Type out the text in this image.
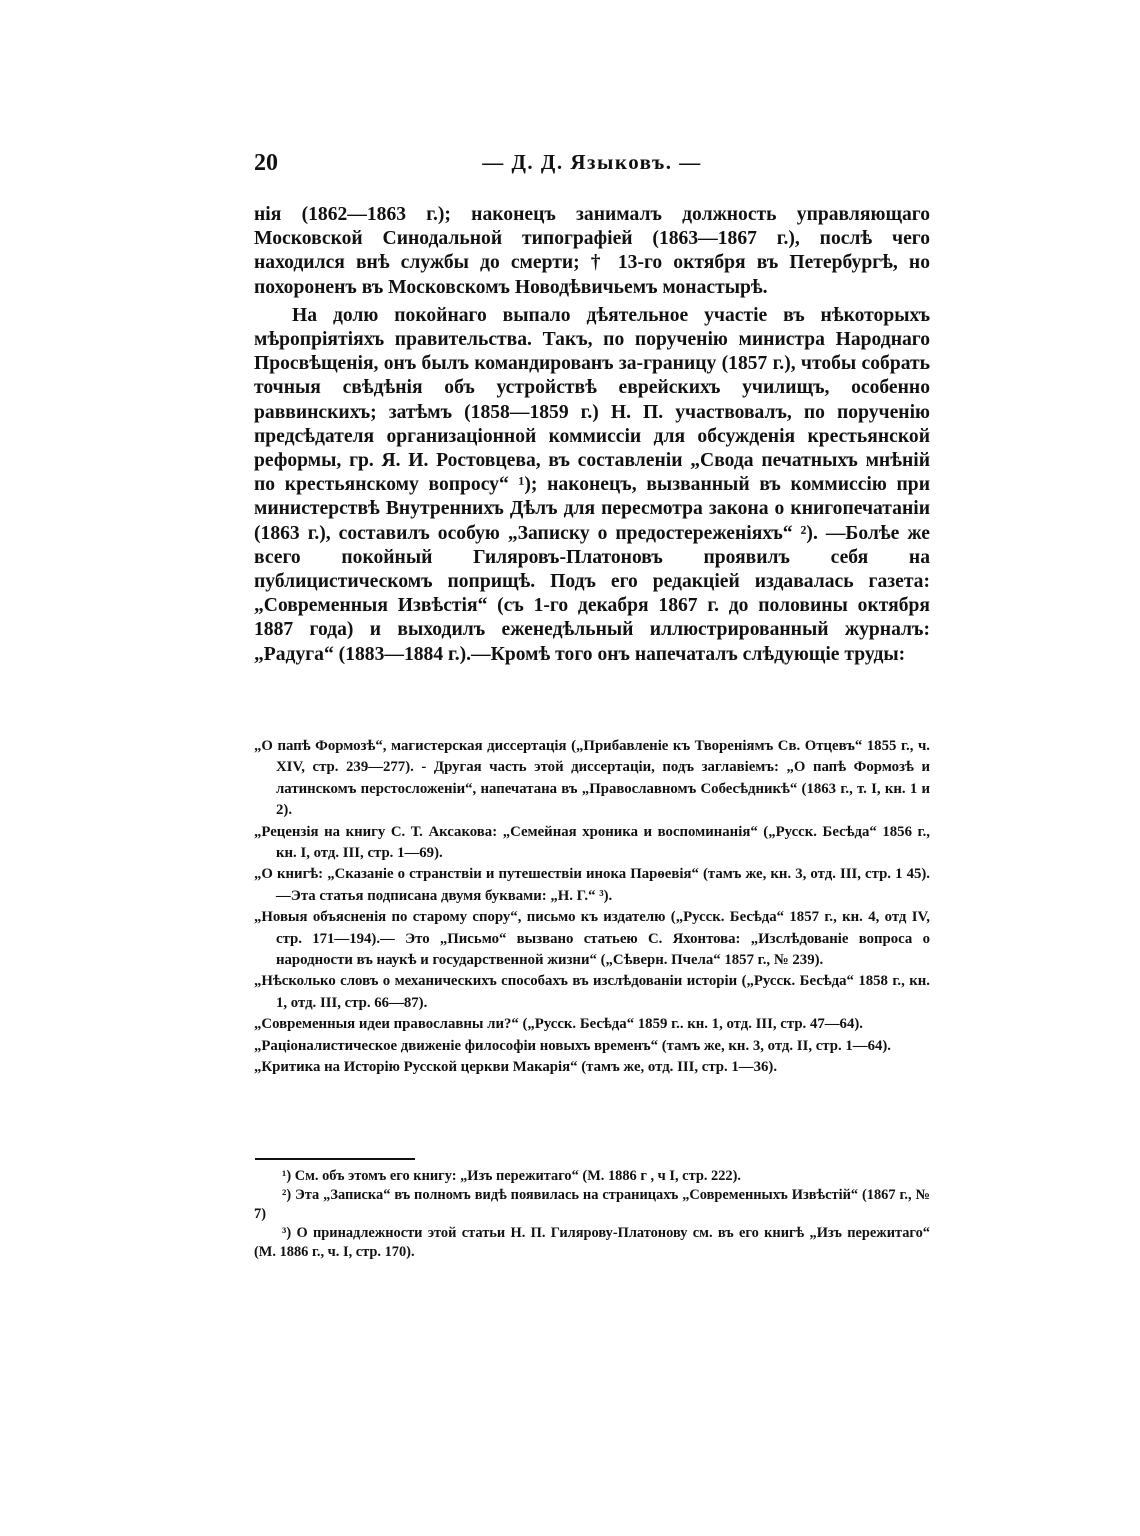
20	— Д. Д. Языковъ. —

нія (1862—1863 г.); наконецъ занималъ должность управляющаго Московской Синодальной типографіей (1863—1867 г.), послѣ чего находился внѣ службы до смерти; † 13-го октября въ Петербургѣ, но похороненъ въ Московскомъ Новодѣвичьемъ монастырѣ.

На долю покойнаго выпало дѣятельное участіе въ нѣкоторыхъ мѣропріятіяхъ правительства. Такъ, по порученію министра Народнаго Просвѣщенія, онъ былъ командированъ за-границу (1857 г.), чтобы собрать точныя свѣдѣнія объ устройствѣ еврейскихъ училищъ, особенно раввинскихъ; затѣмъ (1858—1859 г.) Н. П. участвовалъ, по порученію предсѣдателя организаціонной коммиссіи для обсужденія крестьянской реформы, гр. Я. И. Ростовцева, въ составленіи „Свода печатныхъ мнѣній по крестьянскому вопросу“ ¹); наконецъ, вызванный въ коммиссію при министерствѣ Внутреннихъ Дѣлъ для пересмотра закона о книгопечатаніи (1863 г.), составилъ особую „Записку о предостереженіяхъ“ ²). —Болѣе же всего покойный Гиляровъ-Платоновъ проявилъ себя на публицистическомъ поприщѣ. Подъ его редакціей издавалась газета: „Современныя Извѣстія“ (съ 1-го декабря 1867 г. до половины октября 1887 года) и выходилъ еженедѣльный иллюстрированный журналъ: „Радуга“ (1883—1884 г.).—Кромѣ того онъ напечаталъ слѣдующіе труды:

„О папѣ Формозѣ“, магистерская диссертація („Прибавленіе къ Твореніямъ Св. Отцевъ“ 1855 г., ч. XIV, стр. 239—277). - Другая часть этой диссертаціи, подъ заглавіемъ: „О папѣ Формозѣ и латинскомъ перстосложеніи“, напечатана въ „Православномъ Собесѣдникѣ“ (1863 г., т. I, кн. 1 и 2).

„Рецензія на книгу С. Т. Аксакова: „Семейная хроника и воспоминанія“ („Русск. Бесѣда“ 1856 г., кн. I, отд. III, стр. 1—69).

„О книгѣ: „Сказаніе о странствіи и путешествіи инока Парѳевія“ (тамъ же, кн. 3, отд. III, стр. 1 45).—Эта статья подписана двумя буквами: „Н. Г.“ ³).

„Новыя объясненія по старому спору“, письмо къ издателю („Русск. Бесѣда“ 1857 г., кн. 4, отд IV, стр. 171—194).— Это „Письмо“ вызвано статьею С. Яхонтова: „Изслѣдованіе вопроса о народности въ наукѣ и государственной жизни“ („Сѣверн. Пчела“ 1857 г., № 239).

„Нѣсколько словъ о механическихъ способахъ въ изслѣдованіи исторіи („Русск. Бесѣда“ 1858 г., кн. 1, отд. III, стр. 66—87).

„Современныя идеи православны ли?“ („Русск. Бесѣда“ 1859 г.. кн. 1, отд. III, стр. 47—64).

„Раціоналистическое движеніе философіи новыхъ временъ“ (тамъ же, кн. 3, отд. II, стр. 1—64).

„Критика на Исторію Русской церкви Макарія“ (тамъ же, отд. III, стр. 1—36).

¹) См. объ этомъ его книгу: „Изъ пережитаго“ (М. 1886 г , ч I, стр. 222).

²) Эта „Записка“ въ полномъ видѣ появилась на страницахъ „Современныхъ Извѣстій“ (1867 г., № 7)

³) О принадлежности этой статьи Н. П. Гилярову-Платонову см. въ его книгѣ „Изъ пережитаго“ (М. 1886 г., ч. I, стр. 170).
